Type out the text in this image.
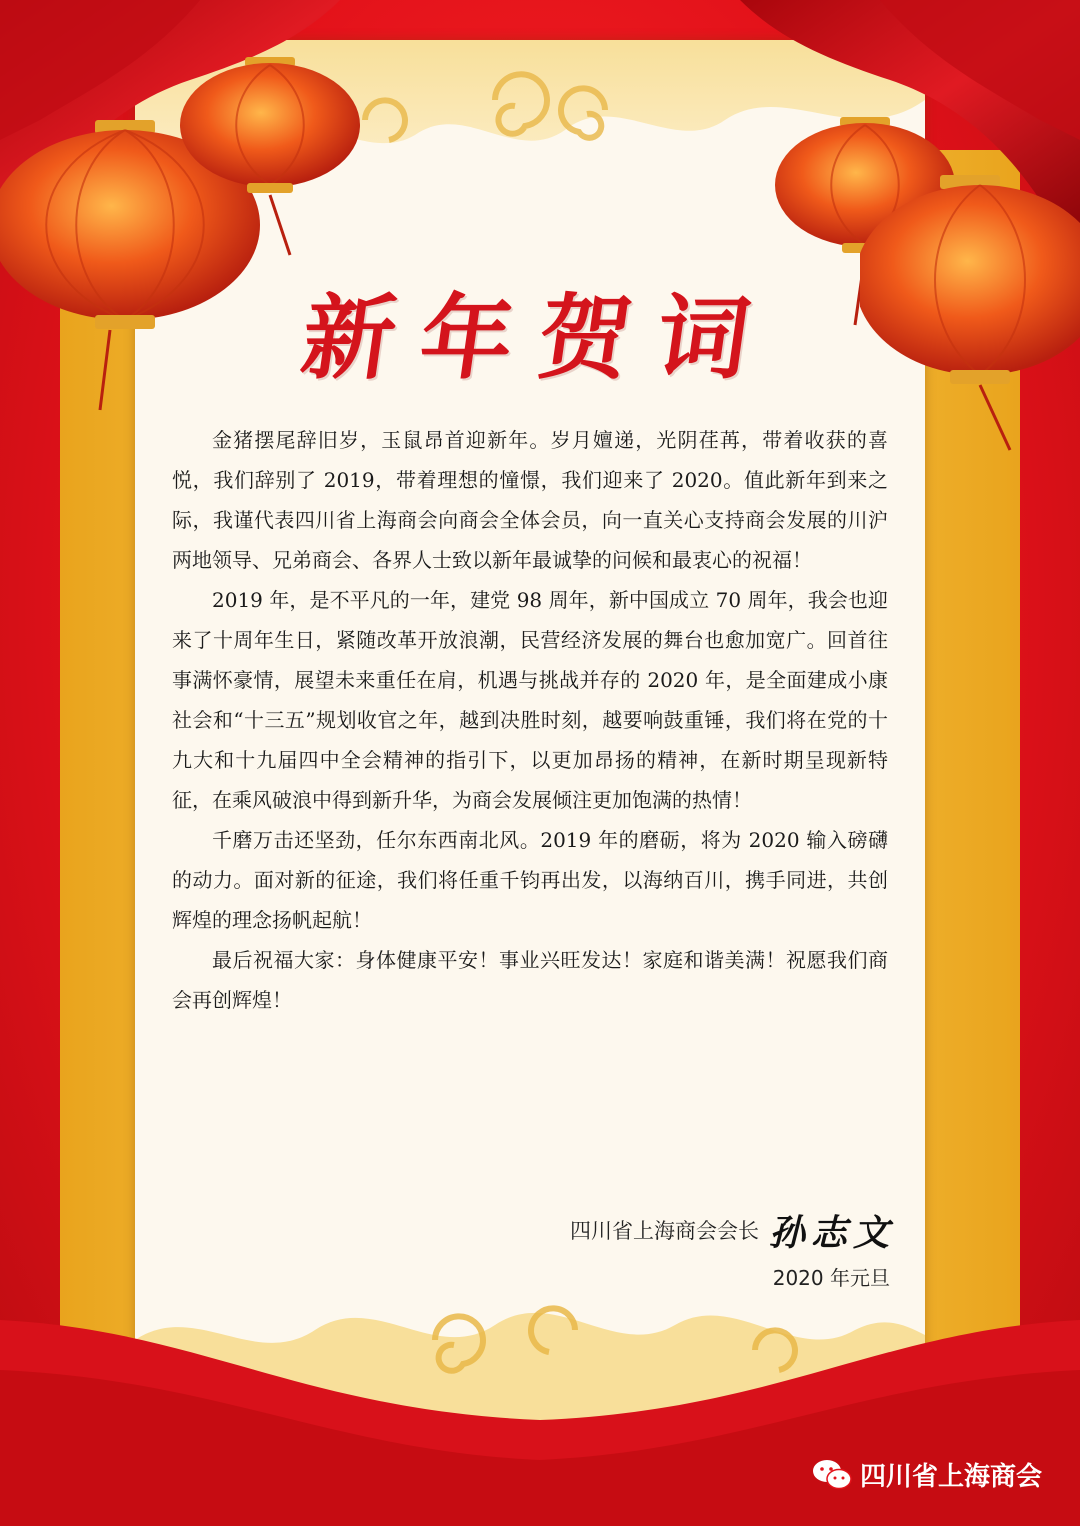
新年贺词

金猪摆尾辞旧岁，玉鼠昂首迎新年。岁月嬗递，光阴荏苒，带着收获的喜悦，我们辞别了 2019，带着理想的憧憬，我们迎来了 2020。值此新年到来之际，我谨代表四川省上海商会向商会全体会员，向一直关心支持商会发展的川沪两地领导、兄弟商会、各界人士致以新年最诚挚的问候和最衷心的祝福！

2019 年，是不平凡的一年，建党 98 周年，新中国成立 70 周年，我会也迎来了十周年生日，紧随改革开放浪潮，民营经济发展的舞台也愈加宽广。回首往事满怀豪情，展望未来重任在肩，机遇与挑战并存的 2020 年，是全面建成小康社会和“十三五”规划收官之年，越到决胜时刻，越要响鼓重锤，我们将在党的十九大和十九届四中全会精神的指引下，以更加昂扬的精神，在新时期呈现新特征，在乘风破浪中得到新升华，为商会发展倾注更加饱满的热情！

千磨万击还坚劲，任尔东西南北风。2019 年的磨砺，将为 2020 输入磅礴的动力。面对新的征途，我们将任重千钧再出发，以海纳百川，携手同进，共创辉煌的理念扬帆起航！

最后祝福大家：身体健康平安！事业兴旺发达！家庭和谐美满！祝愿我们商会再创辉煌！

四川省上海商会会长 孙志文
2020 年元旦
四川省上海商会
